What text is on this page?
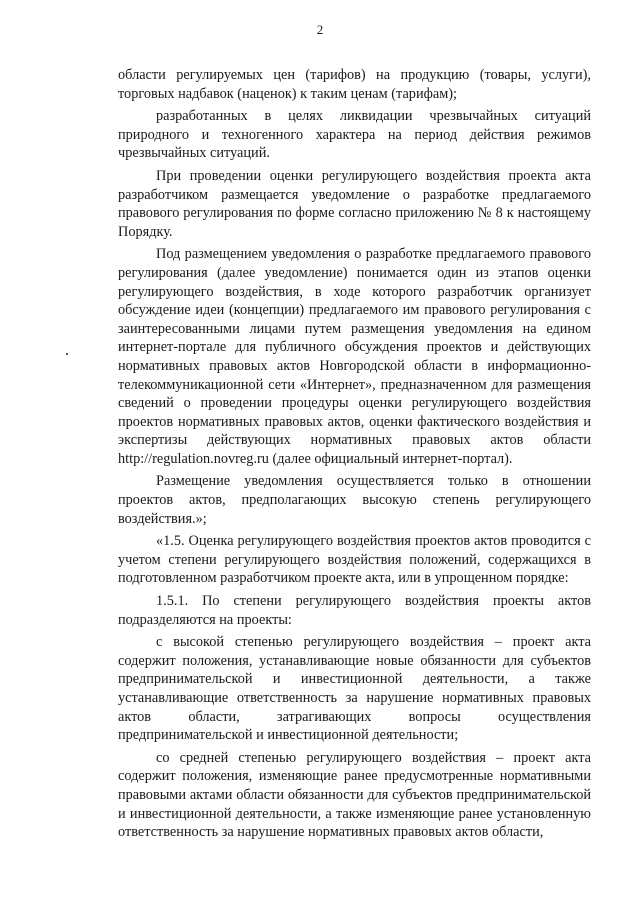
2

области регулируемых цен (тарифов) на продукцию (товары, услуги), торговых надбавок (наценок) к таким ценам (тарифам);

разработанных в целях ликвидации чрезвычайных ситуаций природного и техногенного характера на период действия режимов чрезвычайных ситуаций.

При проведении оценки регулирующего воздействия проекта акта разработчиком размещается уведомление о разработке предлагаемого правового регулирования по форме согласно приложению № 8 к настоящему Порядку.

Под размещением уведомления о разработке предлагаемого правового регулирования (далее уведомление) понимается один из этапов оценки регулирующего воздействия, в ходе которого разработчик организует обсуждение идеи (концепции) предлагаемого им правового регулирования с заинтересованными лицами путем размещения уведомления на едином интернет-портале для публичного обсуждения проектов и действующих нормативных правовых актов Новгородской области в информационно-телекоммуникационной сети «Интернет», предназначенном для размещения сведений о проведении процедуры оценки регулирующего воздействия проектов нормативных правовых актов, оценки фактического воздействия и экспертизы действующих нормативных правовых актов области http://regulation.novreg.ru (далее официальный интернет-портал).

Размещение уведомления осуществляется только в отношении проектов актов, предполагающих высокую степень регулирующего воздействия.»;

«1.5. Оценка регулирующего воздействия проектов актов проводится с учетом степени регулирующего воздействия положений, содержащихся в подготовленном разработчиком проекте акта, или в упрощенном порядке:

1.5.1. По степени регулирующего воздействия проекты актов подразделяются на проекты:

с высокой степенью регулирующего воздействия – проект акта содержит положения, устанавливающие новые обязанности для субъектов предпринимательской и инвестиционной деятельности, а также устанавливающие ответственность за нарушение нормативных правовых актов области, затрагивающих вопросы осуществления предпринимательской и инвестиционной деятельности;

со средней степенью регулирующего воздействия – проект акта содержит положения, изменяющие ранее предусмотренные нормативными правовыми актами области обязанности для субъектов предпринимательской и инвестиционной деятельности, а также изменяющие ранее установленную ответственность за нарушение нормативных правовых актов области,
